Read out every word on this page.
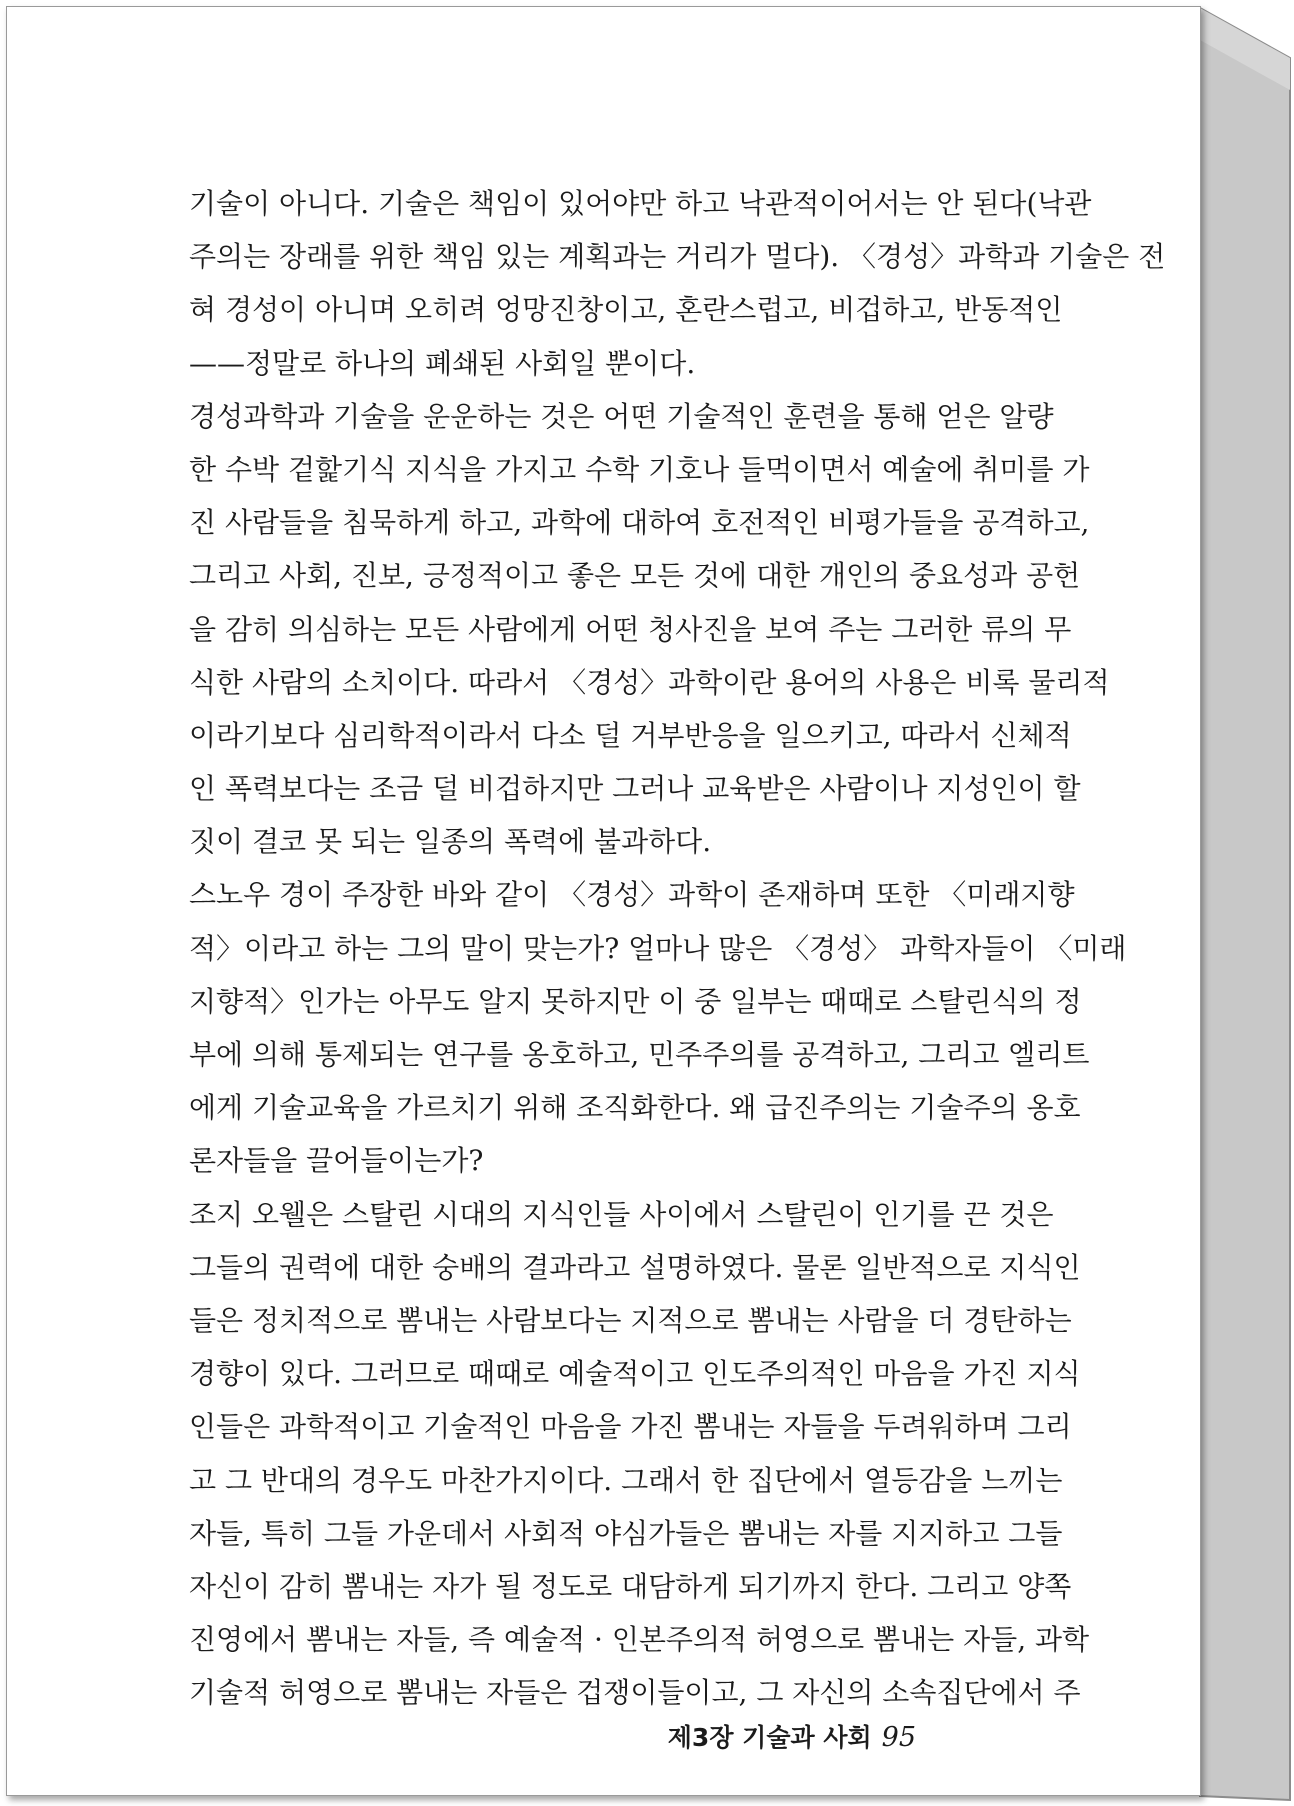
기술이 아니다. 기술은 책임이 있어야만 하고 낙관적이어서는 안 된다(낙관
주의는 장래를 위한 책임 있는 계획과는 거리가 멀다). 〈경성〉과학과 기술은 전
혀 경성이 아니며 오히려 엉망진창이고, 혼란스럽고, 비겁하고, 반동적인
——정말로 하나의 폐쇄된 사회일 뿐이다.
경성과학과 기술을 운운하는 것은 어떤 기술적인 훈련을 통해 얻은 알량
한 수박 겉핥기식 지식을 가지고 수학 기호나 들먹이면서 예술에 취미를 가
진 사람들을 침묵하게 하고, 과학에 대하여 호전적인 비평가들을 공격하고,
그리고 사회, 진보, 긍정적이고 좋은 모든 것에 대한 개인의 중요성과 공헌
을 감히 의심하는 모든 사람에게 어떤 청사진을 보여 주는 그러한 류의 무
식한 사람의 소치이다. 따라서 〈경성〉과학이란 용어의 사용은 비록 물리적
이라기보다 심리학적이라서 다소 덜 거부반응을 일으키고, 따라서 신체적
인 폭력보다는 조금 덜 비겁하지만 그러나 교육받은 사람이나 지성인이 할
짓이 결코 못 되는 일종의 폭력에 불과하다.
스노우 경이 주장한 바와 같이 〈경성〉과학이 존재하며 또한 〈미래지향
적〉이라고 하는 그의 말이 맞는가? 얼마나 많은 〈경성〉 과학자들이 〈미래
지향적〉인가는 아무도 알지 못하지만 이 중 일부는 때때로 스탈린식의 정
부에 의해 통제되는 연구를 옹호하고, 민주주의를 공격하고, 그리고 엘리트
에게 기술교육을 가르치기 위해 조직화한다. 왜 급진주의는 기술주의 옹호
론자들을 끌어들이는가?
조지 오웰은 스탈린 시대의 지식인들 사이에서 스탈린이 인기를 끈 것은
그들의 권력에 대한 숭배의 결과라고 설명하였다. 물론 일반적으로 지식인
들은 정치적으로 뽐내는 사람보다는 지적으로 뽐내는 사람을 더 경탄하는
경향이 있다. 그러므로 때때로 예술적이고 인도주의적인 마음을 가진 지식
인들은 과학적이고 기술적인 마음을 가진 뽐내는 자들을 두려워하며 그리
고 그 반대의 경우도 마찬가지이다. 그래서 한 집단에서 열등감을 느끼는
자들, 특히 그들 가운데서 사회적 야심가들은 뽐내는 자를 지지하고 그들
자신이 감히 뽐내는 자가 될 정도로 대담하게 되기까지 한다. 그리고 양쪽
진영에서 뽐내는 자들, 즉 예술적 · 인본주의적 허영으로 뽐내는 자들, 과학
기술적 허영으로 뽐내는 자들은 겁쟁이들이고, 그 자신의 소속집단에서 주
제3장 기술과 사회 95
